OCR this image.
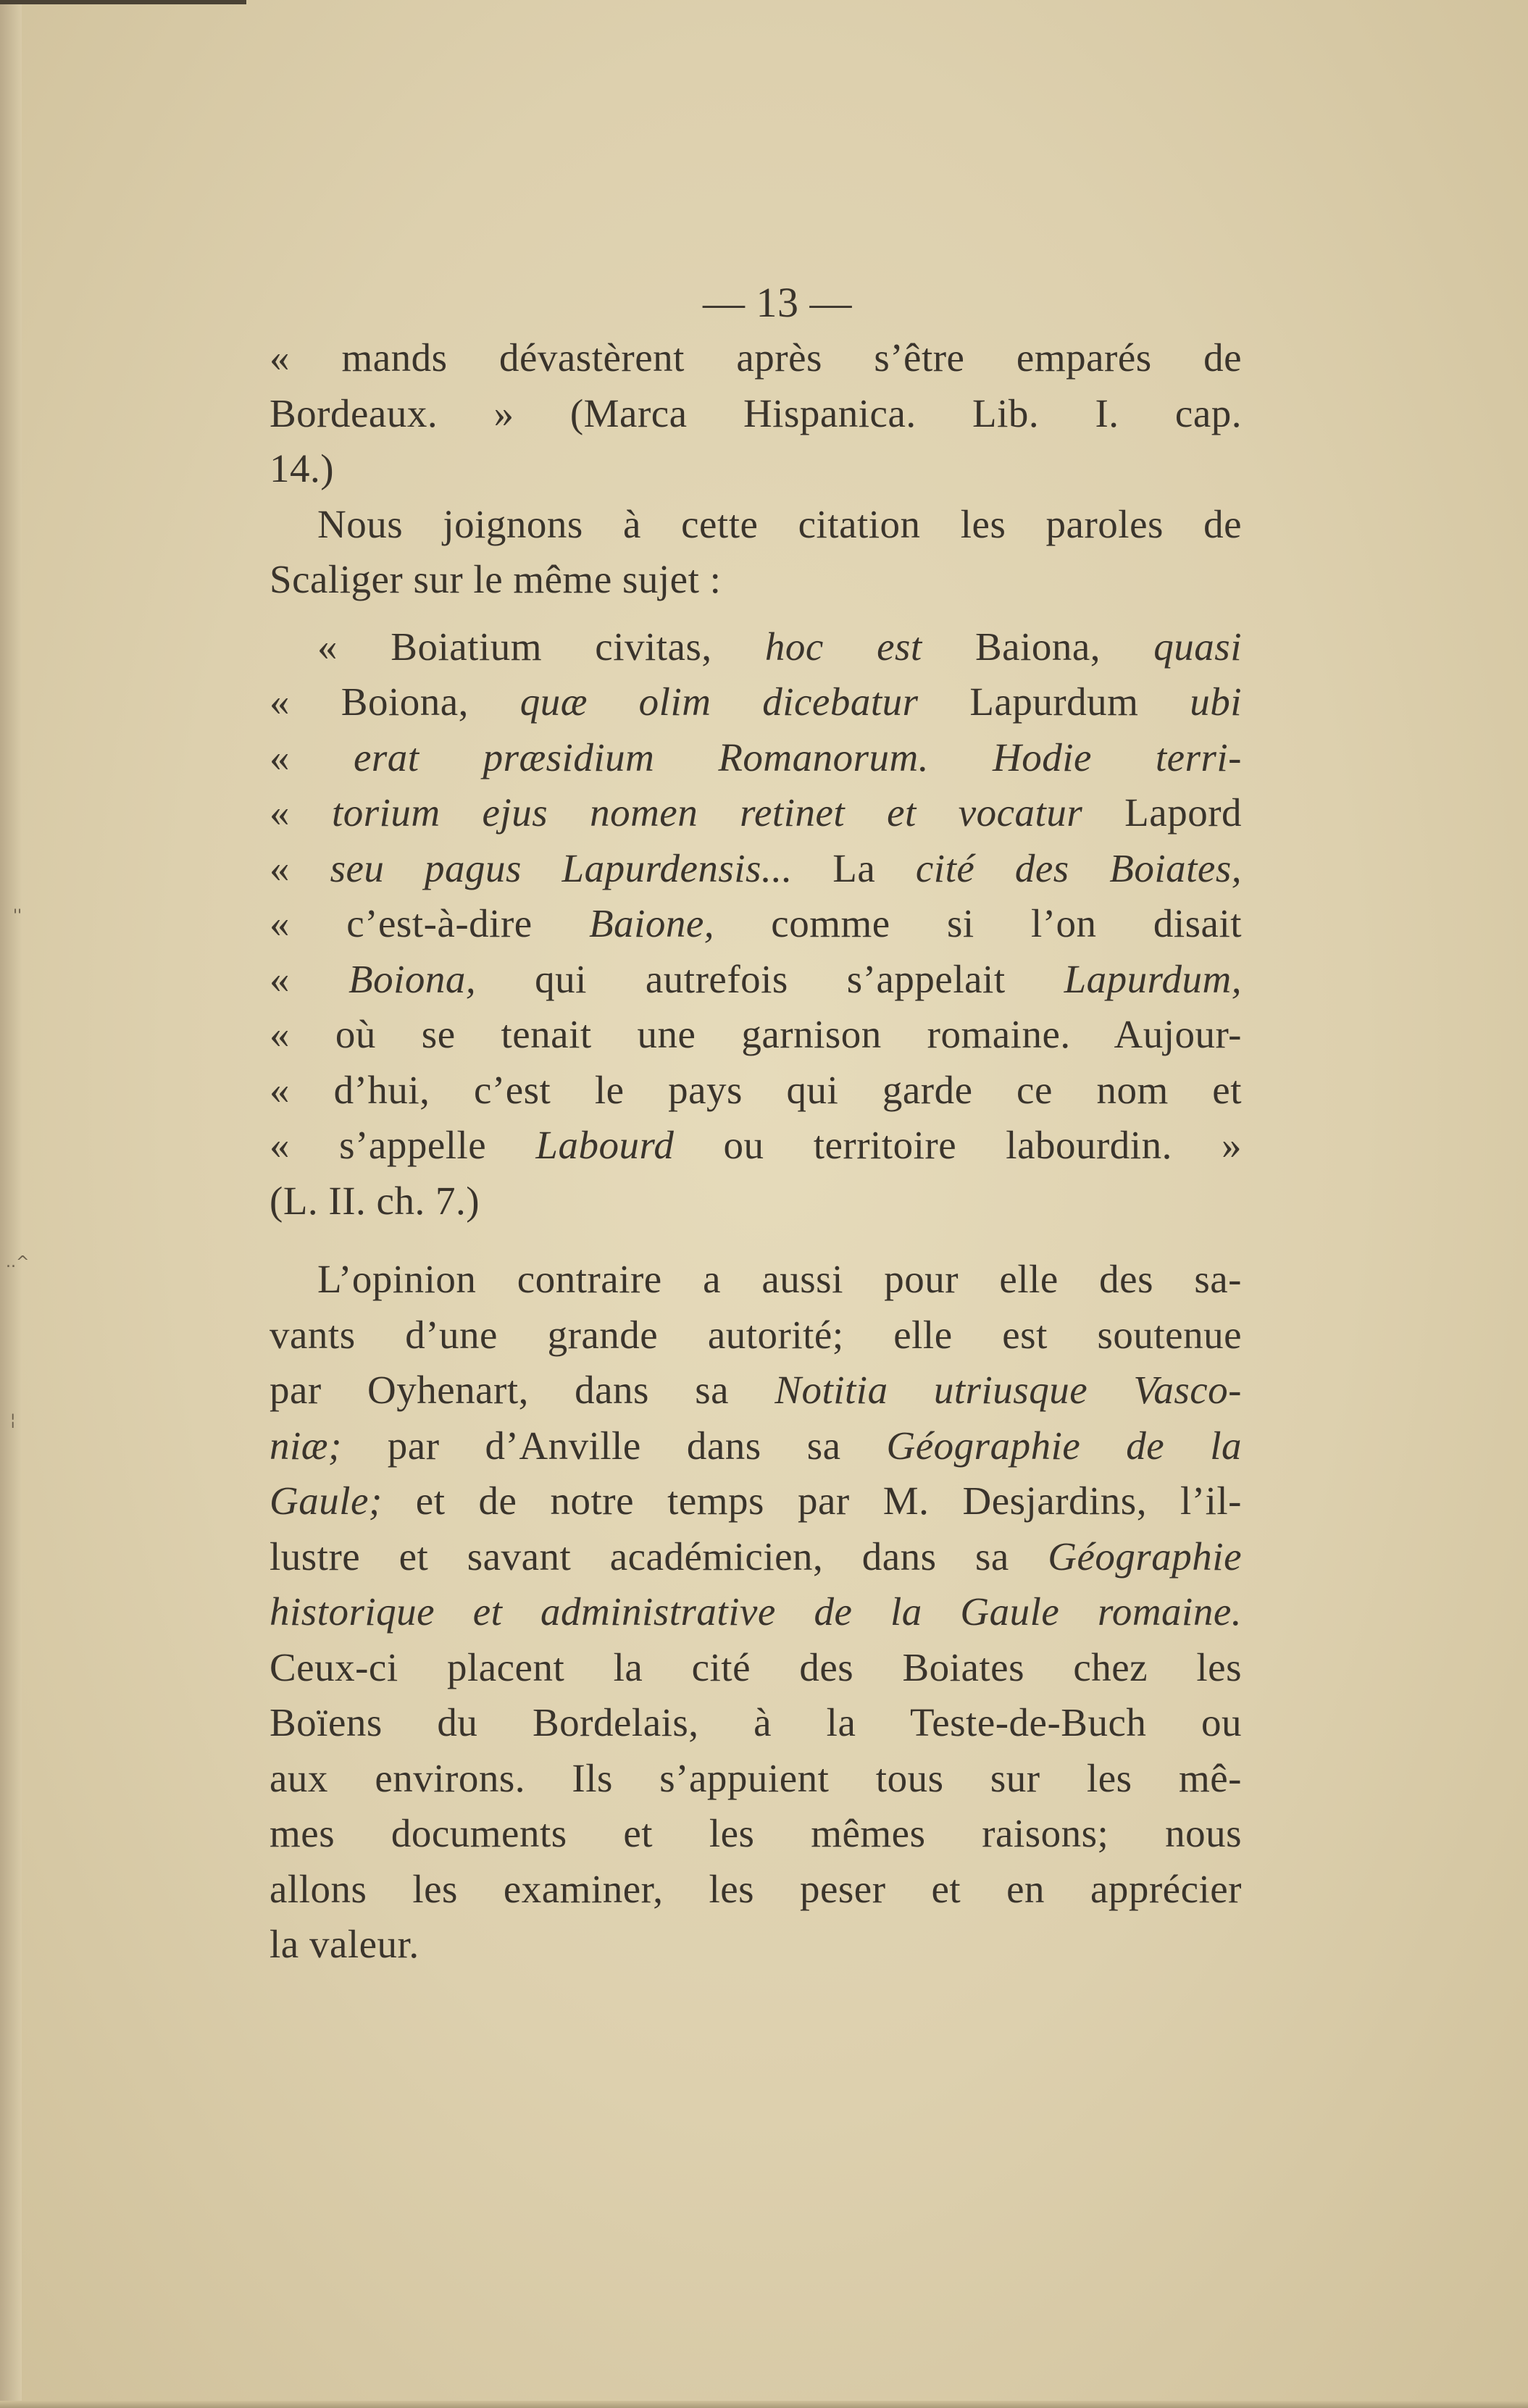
''
..^
¦
— 13 —
« mands dévastèrent après s’être emparés de
Bordeaux. » (Marca Hispanica. Lib. I. cap.
14.)
Nous joignons à cette citation les paroles de
Scaliger sur le même sujet :
« Boiatium civitas, hoc est Baiona, quasi
« Boiona, quæ olim dicebatur Lapurdum ubi
« erat præsidium Romanorum. Hodie terri-
« torium ejus nomen retinet et vocatur Lapord
« seu pagus Lapurdensis... La cité des Boiates,
« c’est-à-dire Baione, comme si l’on disait
« Boiona, qui autrefois s’appelait Lapurdum,
« où se tenait une garnison romaine. Aujour-
« d’hui, c’est le pays qui garde ce nom et
« s’appelle Labourd ou territoire labourdin. »
(L. II. ch. 7.)
L’opinion contraire a aussi pour elle des sa-
vants d’une grande autorité; elle est soutenue
par Oyhenart, dans sa Notitia utriusque Vasco-
niæ; par d’Anville dans sa Géographie de la
Gaule; et de notre temps par M. Desjardins, l’il-
lustre et savant académicien, dans sa Géographie
historique et administrative de la Gaule romaine.
Ceux-ci placent la cité des Boiates chez les
Boïens du Bordelais, à la Teste-de-Buch ou
aux environs. Ils s’appuient tous sur les mê-
mes documents et les mêmes raisons; nous
allons les examiner, les peser et en apprécier
la valeur.
